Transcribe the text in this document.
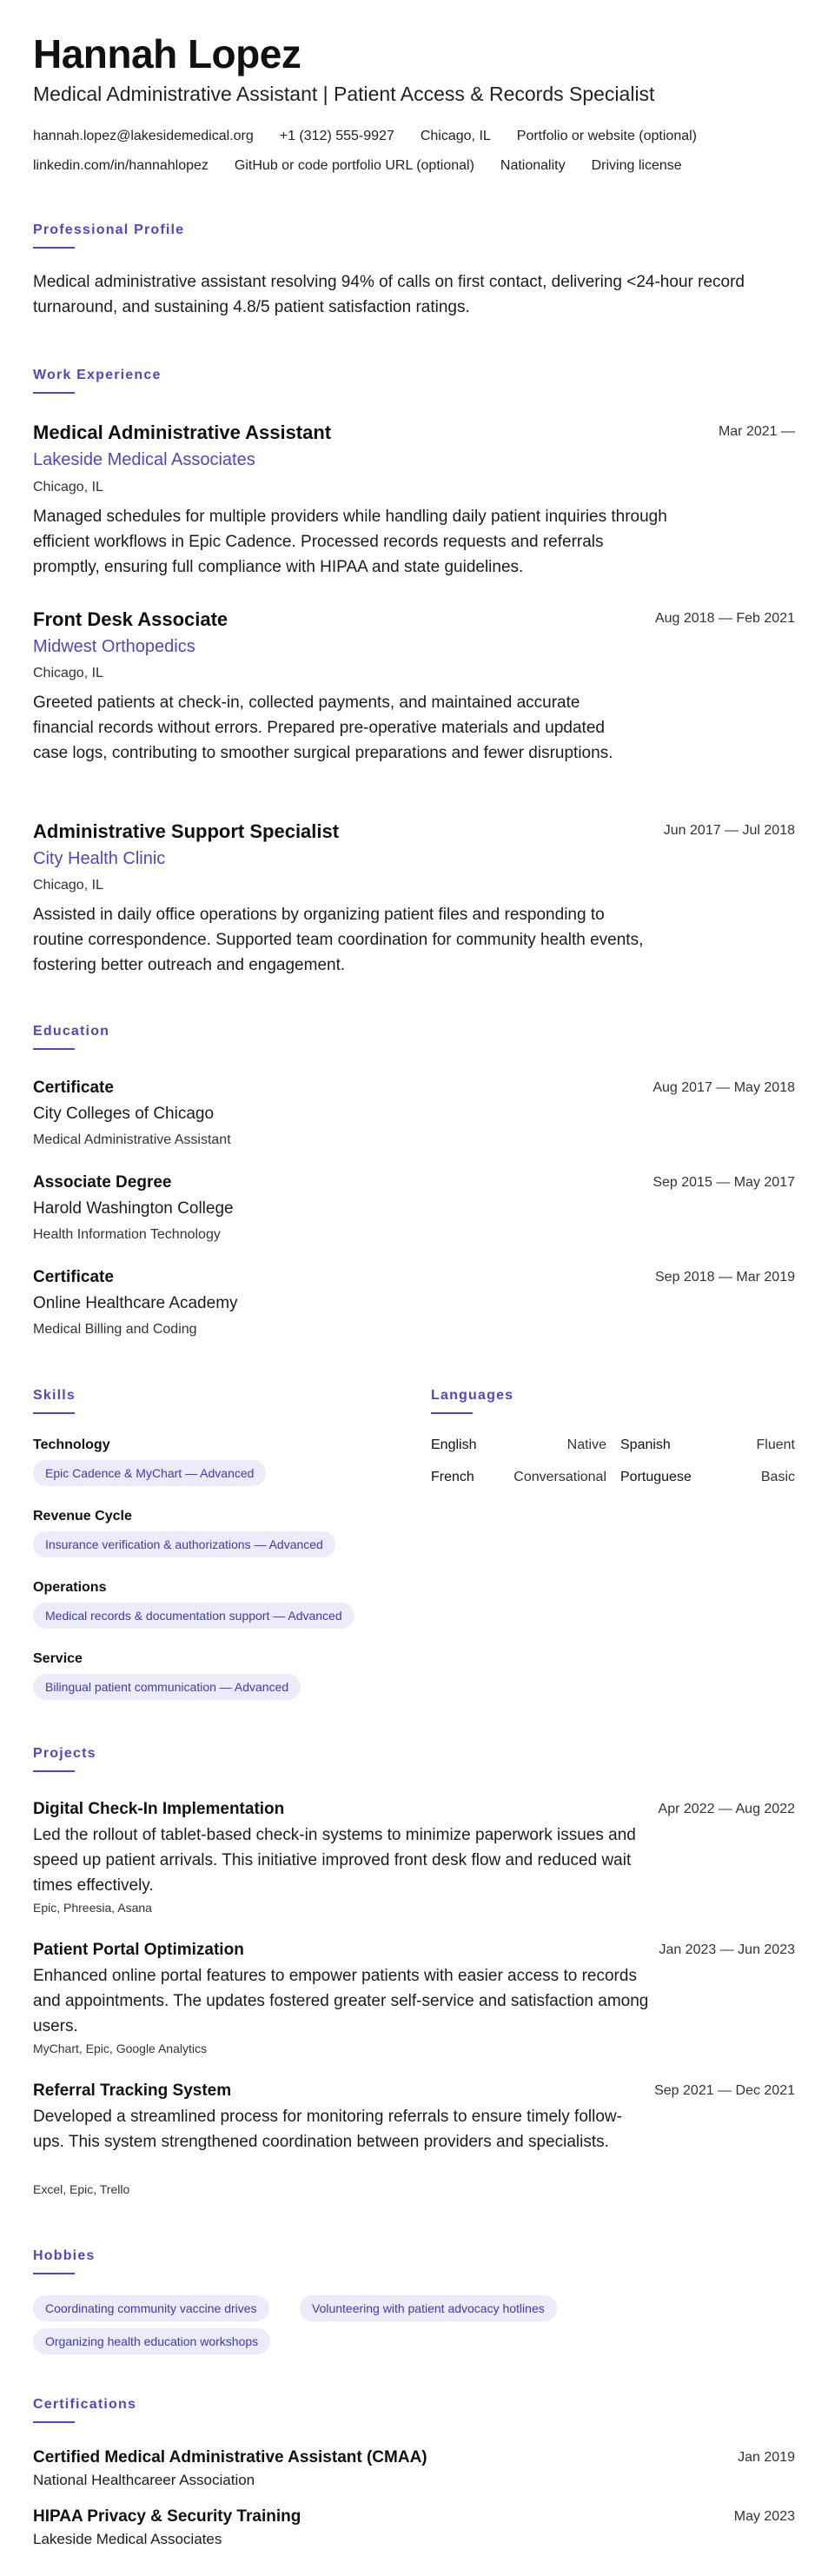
Hannah Lopez
Medical Administrative Assistant | Patient Access & Records Specialist
hannah.lopez@lakesidemedical.org +1 (312) 555-9927 Chicago, IL Portfolio or website (optional)
linkedin.com/in/hannahlopez GitHub or code portfolio URL (optional) Nationality Driving license
Professional Profile
Medical administrative assistant resolving 94% of calls on first contact, delivering <24-hour record turnaround, and sustaining 4.8/5 patient satisfaction ratings.
Work Experience
Medical Administrative Assistant	Mar 2021 —
Lakeside Medical Associates
Chicago, IL
Managed schedules for multiple providers while handling daily patient inquiries through efficient workflows in Epic Cadence. Processed records requests and referrals promptly, ensuring full compliance with HIPAA and state guidelines.
Front Desk Associate	Aug 2018 — Feb 2021
Midwest Orthopedics
Chicago, IL
Greeted patients at check-in, collected payments, and maintained accurate financial records without errors. Prepared pre-operative materials and updated case logs, contributing to smoother surgical preparations and fewer disruptions.
Administrative Support Specialist	Jun 2017 — Jul 2018
City Health Clinic
Chicago, IL
Assisted in daily office operations by organizing patient files and responding to routine correspondence. Supported team coordination for community health events, fostering better outreach and engagement.
Education
Certificate	Aug 2017 — May 2018
City Colleges of Chicago
Medical Administrative Assistant
Associate Degree	Sep 2015 — May 2017
Harold Washington College
Health Information Technology
Certificate	Sep 2018 — Mar 2019
Online Healthcare Academy
Medical Billing and Coding
Skills
Technology
Epic Cadence & MyChart — Advanced
Revenue Cycle
Insurance verification & authorizations — Advanced
Operations
Medical records & documentation support — Advanced
Service
Bilingual patient communication — Advanced
Languages
English	Native Spanish	Fluent
French	Conversational Portuguese	Basic
Projects
Digital Check-In Implementation	Apr 2022 — Aug 2022
Led the rollout of tablet-based check-in systems to minimize paperwork issues and speed up patient arrivals. This initiative improved front desk flow and reduced wait times effectively.
Epic, Phreesia, Asana
Patient Portal Optimization	Jan 2023 — Jun 2023
Enhanced online portal features to empower patients with easier access to records and appointments. The updates fostered greater self-service and satisfaction among users.
MyChart, Epic, Google Analytics
Referral Tracking System	Sep 2021 — Dec 2021
Developed a streamlined process for monitoring referrals to ensure timely follow-ups. This system strengthened coordination between providers and specialists.
Excel, Epic, Trello
Hobbies
Coordinating community vaccine drives	Volunteering with patient advocacy hotlines
Organizing health education workshops
Certifications
Certified Medical Administrative Assistant (CMAA)	Jan 2019
National Healthcareer Association
HIPAA Privacy & Security Training	May 2023
Lakeside Medical Associates
